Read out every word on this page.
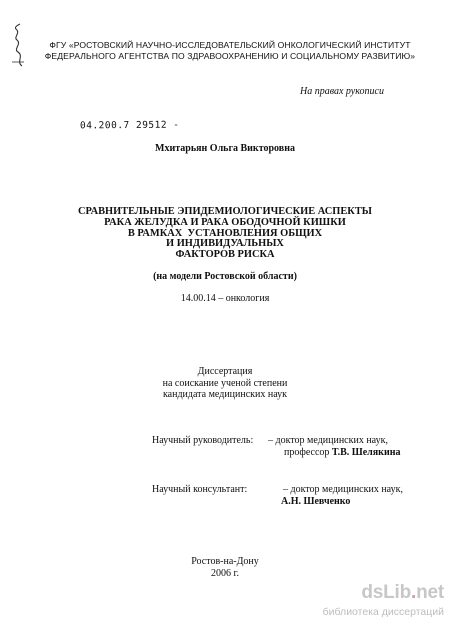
ФГУ «РОСТОВСКИЙ НАУЧНО-ИССЛЕДОВАТЕЛЬСКИЙ ОНКОЛОГИЧЕСКИЙ ИНСТИТУТ
ФЕДЕРАЛЬНОГО АГЕНТСТВА ПО ЗДРАВООХРАНЕНИЮ И СОЦИАЛЬНОМУ РАЗВИТИЮ»
На правах рукописи
04.200.7 29512 -
Мхитарьян Ольга Викторовна
СРАВНИТЕЛЬНЫЕ ЭПИДЕМИОЛОГИЧЕСКИЕ АСПЕКТЫ
РАКА ЖЕЛУДКА И РАКА ОБОДОЧНОЙ КИШКИ
В РАМКАХ  УСТАНОВЛЕНИЯ ОБЩИХ
И ИНДИВИДУАЛЬНЫХ
ФАКТОРОВ РИСКА
(на модели Ростовской области)
14.00.14 – онкология
Диссертация
на соискание ученой степени
кандидата медицинских наук
Научный руководитель: – доктор медицинских наук,
профессор Т.В. Шелякина
Научный консультант:	– доктор медицинских наук,
А.Н. Шевченко
Ростов-на-Дону
2006 г.
dsLib.net
библиотека диссертаций
